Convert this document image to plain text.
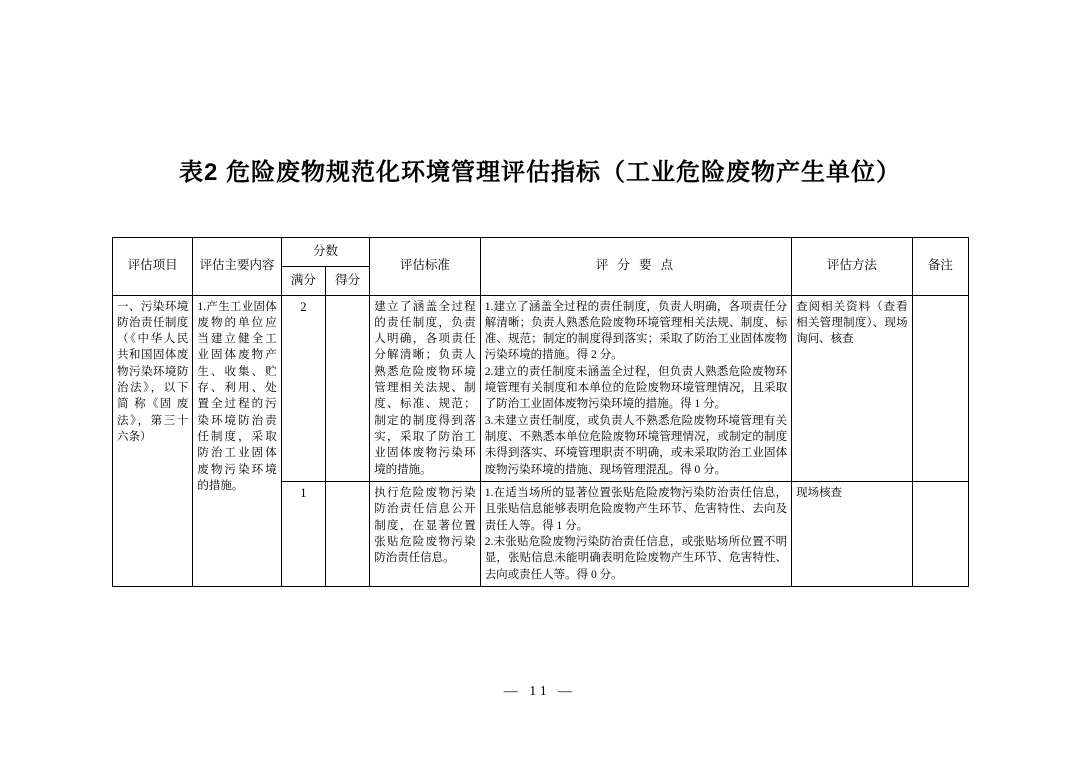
表2 危险废物规范化环境管理评估指标（工业危险废物产生单位）
评估项目	评估主要内容	分数		评估标准	评 分 要 点	评估方法	备注
		满分	得分				
一、污染环境防治责任制度（《中华人民共和国固体废物污染环境防治法》，以下简 称《固 废 法》，第三十六条）	1.产生工业固体废物的单位应当建立健全工业固体废物产生、收集、贮存、利用、处置全过程的污染环境防治责任制度，采取防治工业固体废物污染环境的措施。	2		建立了涵盖全过程的责任制度，负责人明确，各项责任分解清晰；负责人熟悉危险废物环境管理相关法规、制度、标准、规范；制定的制度得到落实，采取了防治工业固体废物污染环境的措施。	1.建立了涵盖全过程的责任制度，负责人明确，各项责任分解清晰；负责人熟悉危险废物环境管理相关法规、制度、标准、规范；制定的制度得到落实；采取了防治工业固体废物污染环境的措施。得 2 分。
2.建立的责任制度未涵盖全过程，但负责人熟悉危险废物环境管理有关制度和本单位的危险废物环境管理情况，且采取了防治工业固体废物污染环境的措施。得 1 分。
3.未建立责任制度，或负责人不熟悉危险废物环境管理有关制度、不熟悉本单位危险废物环境管理情况，或制定的制度未得到落实、环境管理职责不明确，或未采取防治工业固体废物污染环境的措施、现场管理混乱。得 0 分。	查阅相关资料（查看相关管理制度）、现场询问、核查	
		1		执行危险废物污染防治责任信息公开制度，在显著位置张贴危险废物污染防治责任信息。	1.在适当场所的显著位置张贴危险废物污染防治责任信息，且张贴信息能够表明危险废物产生环节、危害特性、去向及责任人等。得 1 分。
2.未张贴危险废物污染防治责任信息，或张贴场所位置不明显，张贴信息未能明确表明危险废物产生环节、危害特性、去向或责任人等。得 0 分。	现场核查	
— 11 —
